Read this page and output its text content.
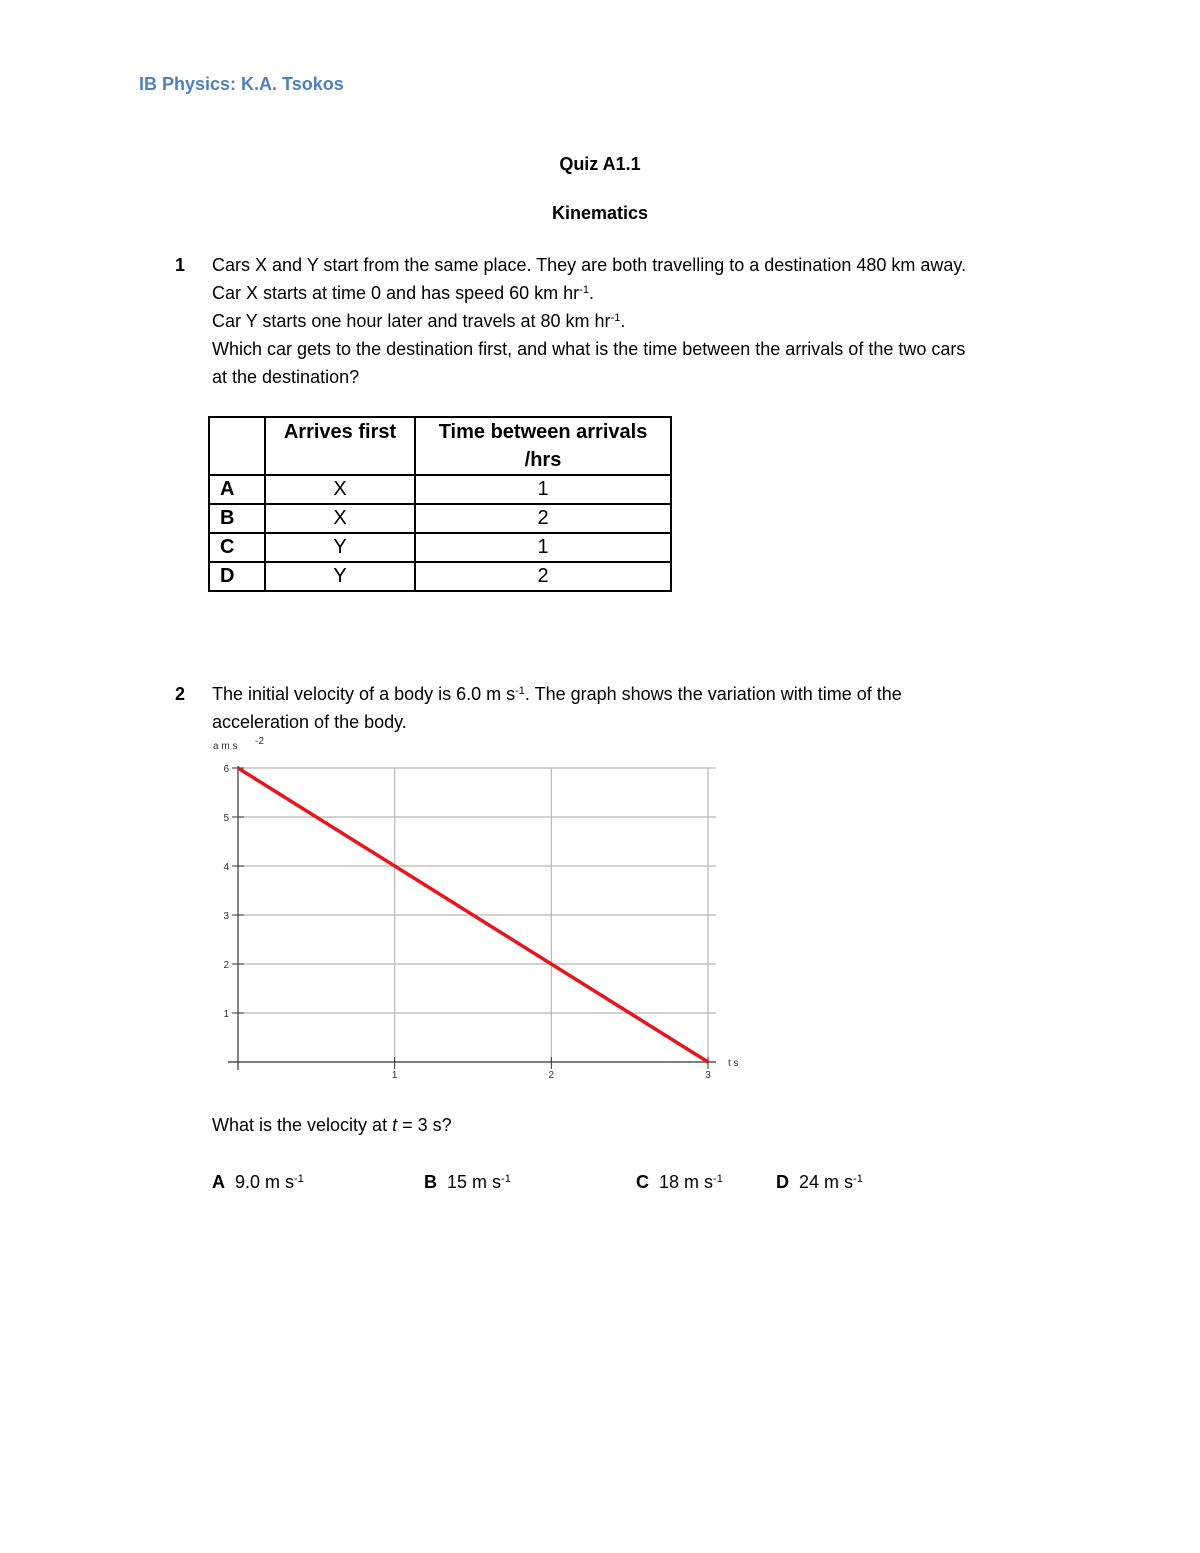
IB Physics: K.A. Tsokos
Quiz A1.1
Kinematics
1 Cars X and Y start from the same place. They are both travelling to a destination 480 km away.

Car X starts at time 0 and has speed 60 km $hr^{-1}$.

Car Y starts one hour later and travels at 80 km $hr^{-1}$.

Which car gets to the destination first, and what is the time between the arrivals of the two cars

at the destination?

	Arrives first	Time between arrivals
/hrs
A	X	1
B	X	2
C	Y	1
D	Y	2
2 The initial velocity of a body is 6.0 m $s^{-1}$. The graph shows the variation with time of the

acceleration of the body.

1
2
3
4
5
6
1	2	3
a m s -2
t s
What is the velocity at t = 3 s?
A 9.0 m $s^{-1}$	B 15 m $s^{-1}$	C 18 m $s^{-1}$	D 24 m $s^{-1}$
